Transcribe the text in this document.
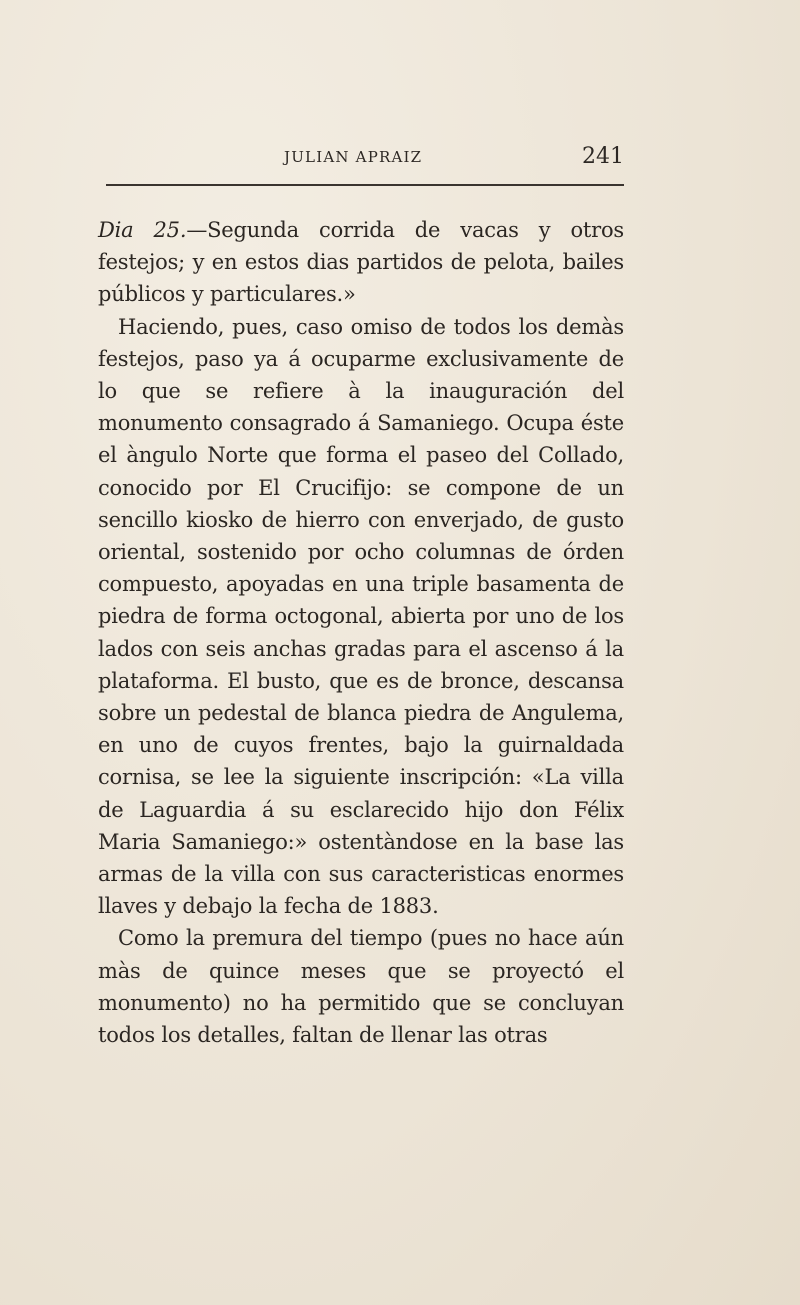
JULIAN APRAIZ	241

Dia 25.—Segunda corrida de vacas y otros festejos; y en estos dias partidos de pelota, bailes públicos y particulares.»

Haciendo, pues, caso omiso de todos los demàs festejos, paso ya á ocuparme exclusivamente de lo que se refiere à la inauguración del monumento consagrado á Samaniego. Ocupa éste el àngulo Norte que forma el paseo del Collado, conocido por El Crucifijo: se compone de un sencillo kiosko de hierro con enverjado, de gusto oriental, sostenido por ocho columnas de órden compuesto, apoyadas en una triple basamenta de piedra de forma octogonal, abierta por uno de los lados con seis anchas gradas para el ascenso á la plataforma. El busto, que es de bronce, descansa sobre un pedestal de blanca piedra de Angulema, en uno de cuyos frentes, bajo la guirnaldada cornisa, se lee la siguiente inscripción: «La villa de Laguardia á su esclarecido hijo don Félix Maria Samaniego:» ostentàndose en la base las armas de la villa con sus caracteristicas enormes llaves y debajo la fecha de 1883.

Como la premura del tiempo (pues no hace aún màs de quince meses que se proyectó el monumento) no ha permitido que se concluyan todos los detalles, faltan de llenar las otras
